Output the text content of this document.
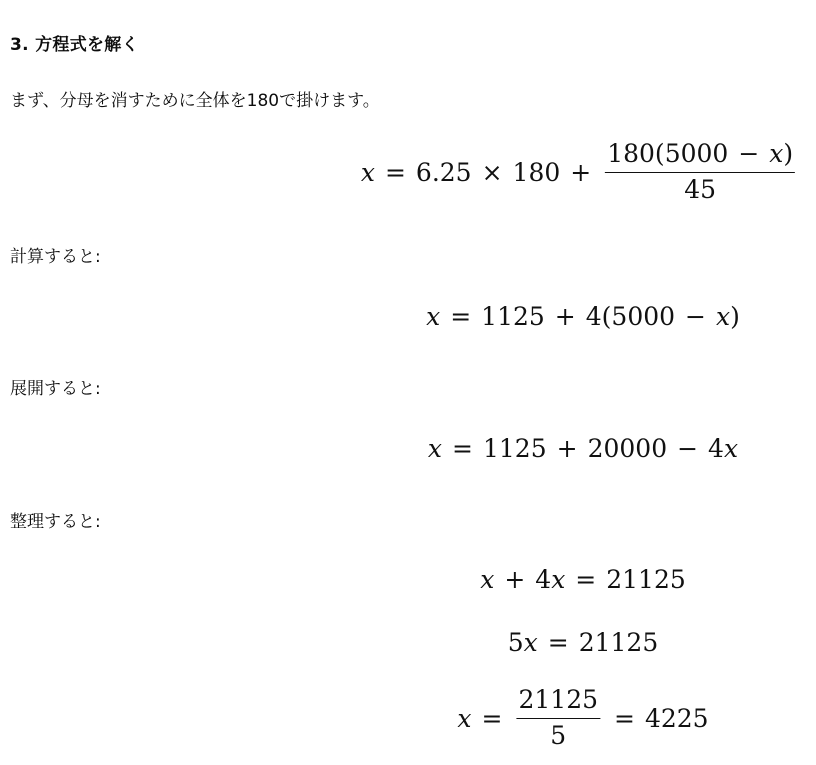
3. 方程式を解く
まず、分母を消すために全体を180で掛けます。
$x = 6.25 \times 180 + \frac{180(5000 - x)}{45}$
計算すると:
x = 1125 + 4(5000 − x)
展開すると:
x = 1125 + 20000 − 4x
整理すると:
x + 4x = 21125
5x = 21125
$x = \frac{21125}{5} = 4225$
